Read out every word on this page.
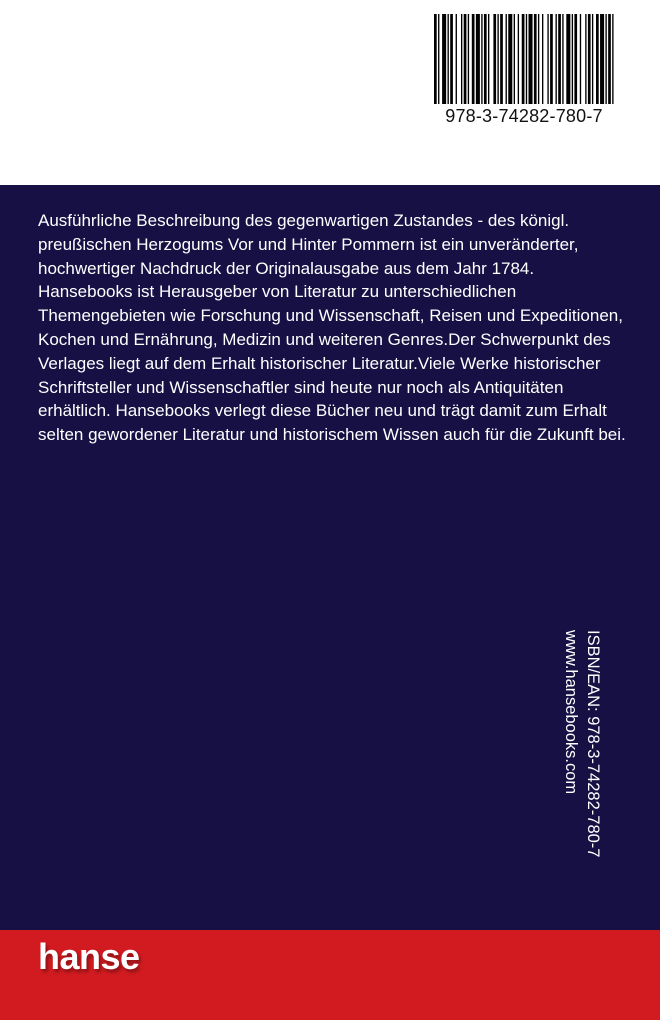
978-3-74282-780-7

Ausführliche Beschreibung des gegenwartigen Zustandes - des königl. preußischen Herzogums Vor und Hinter Pommern ist ein unveränderter, hochwertiger Nachdruck der Originalausgabe aus dem Jahr 1784.

Hansebooks ist Herausgeber von Literatur zu unterschiedlichen Themengebieten wie Forschung und Wissenschaft, Reisen und Expeditionen, Kochen und Ernährung, Medizin und weiteren Genres.Der Schwerpunkt des Verlages liegt auf dem Erhalt historischer Literatur.Viele Werke historischer Schriftsteller und Wissenschaftler sind heute nur noch als Antiquitäten erhältlich. Hansebooks verlegt diese Bücher neu und trägt damit zum Erhalt selten gewordener Literatur und historischem Wissen auch für die Zukunft bei.

ISBN/EAN: 978-3-74282-780-7
www.hansebooks.com
hanse
